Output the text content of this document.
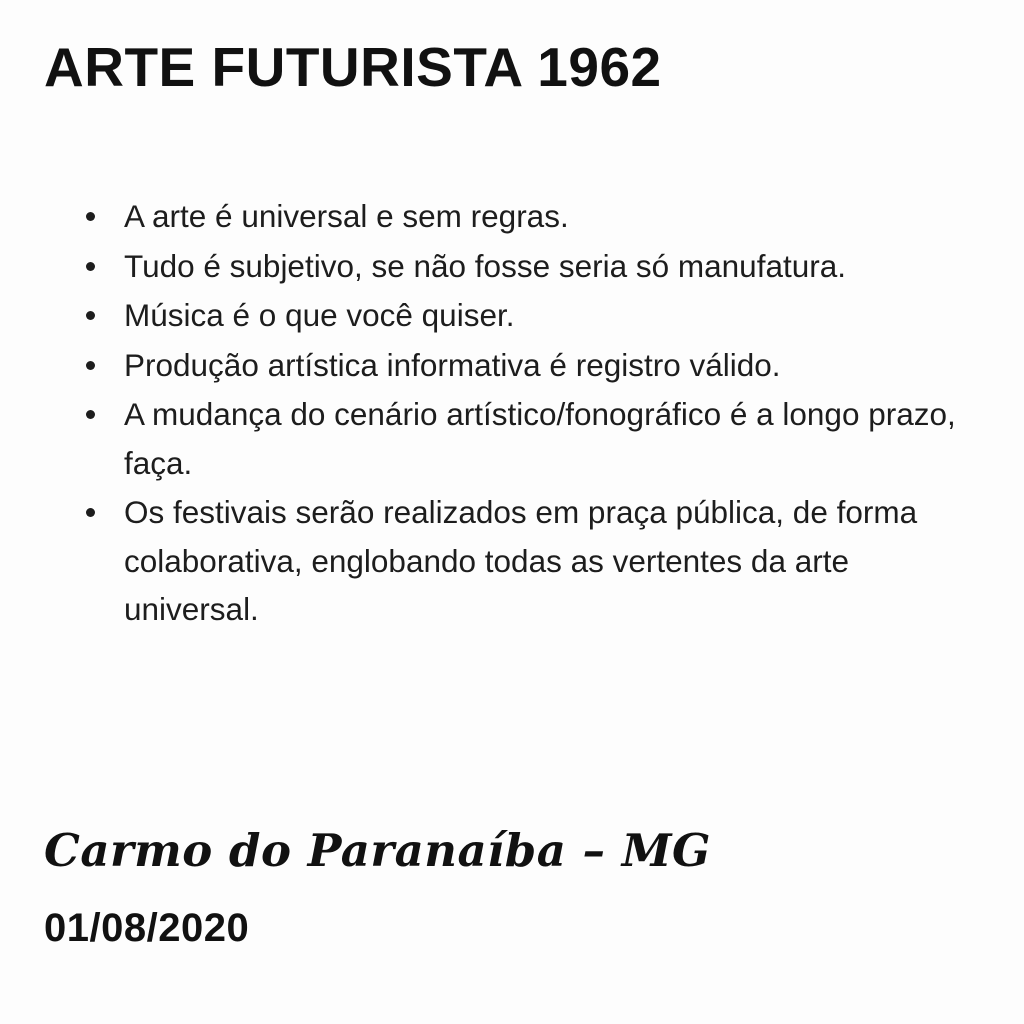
ARTE FUTURISTA 1962
A arte é universal e sem regras.
Tudo é subjetivo, se não fosse seria só manufatura.
Música é o que você quiser.
Produção artística informativa é registro válido.
A mudança do cenário artístico/fonográfico é a longo prazo, faça.
Os festivais serão realizados em praça pública, de forma colaborativa, englobando todas as vertentes da arte universal.
Carmo do Paranaíba – MG
01/08/2020
